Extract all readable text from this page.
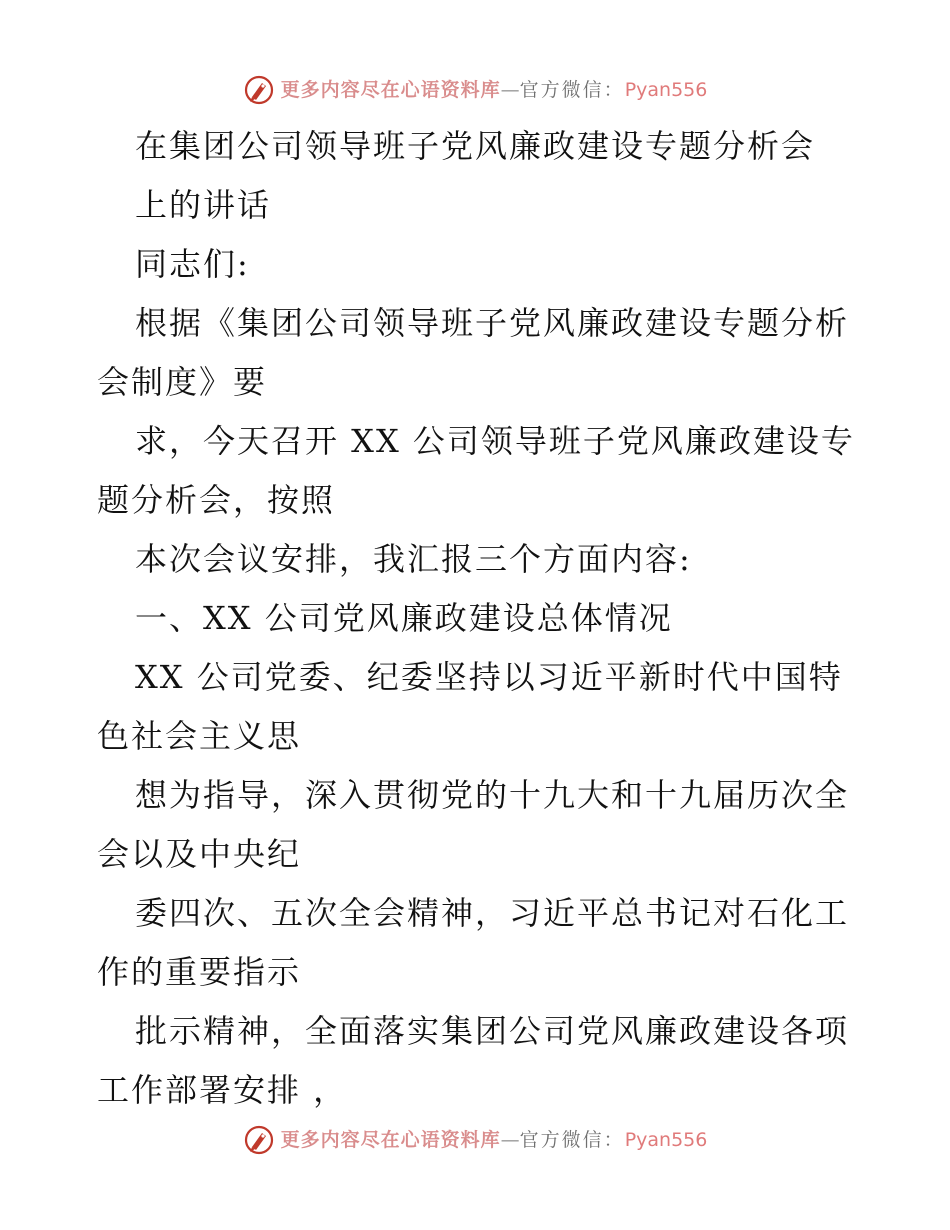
更多内容尽在心语资料库 — 官方微信： Pyan556
在集团公司领导班子党风廉政建设专题分析会
上的讲话
同志们:
根据《集团公司领导班子党风廉政建设专题分析
会制度》要
求，今天召开 XX 公司领导班子党风廉政建设专
题分析会，按照
本次会议安排，我汇报三个方面内容:
一、XX 公司党风廉政建设总体情况
XX 公司党委、纪委坚持以习近平新时代中国特
色社会主义思
想为指导，深入贯彻党的十九大和十九届历次全
会以及中央纪
委四次、五次全会精神，习近平总书记对石化工
作的重要指示
批示精神，全面落实集团公司党风廉政建设各项
工作部署安排 ，
更多内容尽在心语资料库 — 官方微信： Pyan556
